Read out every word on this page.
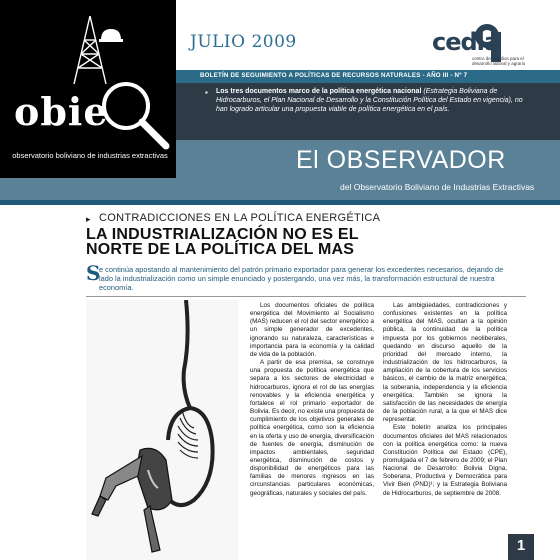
obie
observatorio boliviano de industrias extractivas
JULIO 2009	cedla
centro de estudios para el desarrollo laboral y agrario
BOLETÍN DE SEGUIMIENTO A POLÍTICAS DE RECURSOS NATURALES - AÑO III - Nº 7
▪ Los tres documentos marco de la política energética nacional (Estrategia Boliviana de Hidrocarburos, el Plan Nacional de Desarrollo y la Constitución Política del Estado en vigencia), no han logrado articular una propuesta viable de política energética en el país.
El OBSERVADOR
del Observatorio Boliviano de Industrias Extractivas
▸ CONTRADICCIONES EN LA POLÍTICA ENERGÉTICA
LA INDUSTRIALIZACIÓN NO ES EL
NORTE DE LA POLÍTICA DEL MAS
S
e continúa apostando al mantenimiento del patrón primario exportador para generar los excedentes necesarios, dejando de lado la industrialización como un simple enunciado y postergando, una vez más, la transformación estructural de nuestra economía.
Los documentos oficiales de política energética del Movimiento al Socialismo (MAS) reducen el rol del sector energético a un simple generador de excedentes, ignorando su naturaleza, características e importancia para la economía y la calidad de vida de la población.
A partir de esa premisa, se construye una propuesta de política energética que separa a los sectores de electricidad e hidrocarburos, ignora el rol de las energías renovables y la eficiencia energética y fortalece el rol primario exportador de Bolivia. Es decir, no existe una propuesta de cumplimiento de los objetivos generales de política energética, como son la eficiencia en la oferta y uso de energía, diversificación de fuentes de energía, disminución de impactos ambientales, seguridad energética, disminución de costos y disponibilidad de energéticos para las familias de menores ingresos en las circunstancias particulares económicas, geográficas, naturales y sociales del país.
Las ambigüedades, contradicciones y confusiones existentes en la política energética del MAS, ocultan a la opinión pública, la continuidad de la política impuesta por los gobiernos neoliberales, quedando en discurso aquello de la prioridad del mercado interno, la industrialización de los hidrocarburos, la ampliación de la cobertura de los servicios básicos, el cambio de la matriz energética, la soberanía, independencia y la eficiencia energética. También se ignora la satisfacción de las necesidades de energía de la población rural, a la que el MAS dice representar.
Este boletín analiza los principales documentos oficiales del MAS relacionados con la política energética como: la nueva Constitución Política del Estado (CPE), promulgada el 7 de febrero de 2009; el Plan Nacional de Desarrollo: Bolivia Digna, Soberana, Productiva y Democrática para Vivir Bien (PND)¹; y la Estrategia Boliviana de Hidrocarburos, de septiembre de 2008.
1
